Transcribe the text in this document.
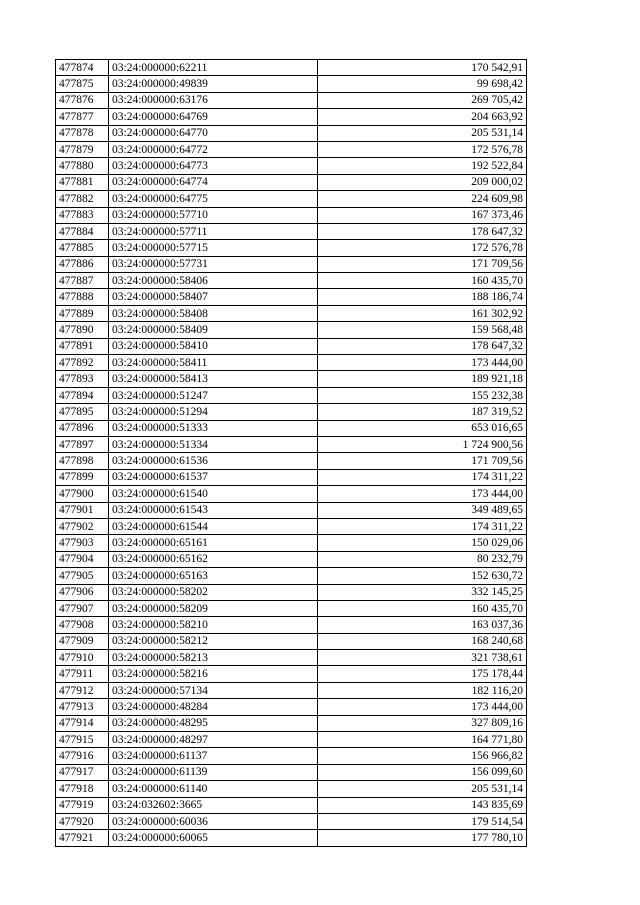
477874	03:24:000000:62211	170 542,91
477875	03:24:000000:49839	99 698,42
477876	03:24:000000:63176	269 705,42
477877	03:24:000000:64769	204 663,92
477878	03:24:000000:64770	205 531,14
477879	03:24:000000:64772	172 576,78
477880	03:24:000000:64773	192 522,84
477881	03:24:000000:64774	209 000,02
477882	03:24:000000:64775	224 609,98
477883	03:24:000000:57710	167 373,46
477884	03:24:000000:57711	178 647,32
477885	03:24:000000:57715	172 576,78
477886	03:24:000000:57731	171 709,56
477887	03:24:000000:58406	160 435,70
477888	03:24:000000:58407	188 186,74
477889	03:24:000000:58408	161 302,92
477890	03:24:000000:58409	159 568,48
477891	03:24:000000:58410	178 647,32
477892	03:24:000000:58411	173 444,00
477893	03:24:000000:58413	189 921,18
477894	03:24:000000:51247	155 232,38
477895	03:24:000000:51294	187 319,52
477896	03:24:000000:51333	653 016,65
477897	03:24:000000:51334	1 724 900,56
477898	03:24:000000:61536	171 709,56
477899	03:24:000000:61537	174 311,22
477900	03:24:000000:61540	173 444,00
477901	03:24:000000:61543	349 489,65
477902	03:24:000000:61544	174 311,22
477903	03:24:000000:65161	150 029,06
477904	03:24:000000:65162	80 232,79
477905	03:24:000000:65163	152 630,72
477906	03:24:000000:58202	332 145,25
477907	03:24:000000:58209	160 435,70
477908	03:24:000000:58210	163 037,36
477909	03:24:000000:58212	168 240,68
477910	03:24:000000:58213	321 738,61
477911	03:24:000000:58216	175 178,44
477912	03:24:000000:57134	182 116,20
477913	03:24:000000:48284	173 444,00
477914	03:24:000000:48295	327 809,16
477915	03:24:000000:48297	164 771,80
477916	03:24:000000:61137	156 966,82
477917	03:24:000000:61139	156 099,60
477918	03:24:000000:61140	205 531,14
477919	03:24:032602:3665	143 835,69
477920	03:24:000000:60036	179 514,54
477921	03:24:000000:60065	177 780,10
